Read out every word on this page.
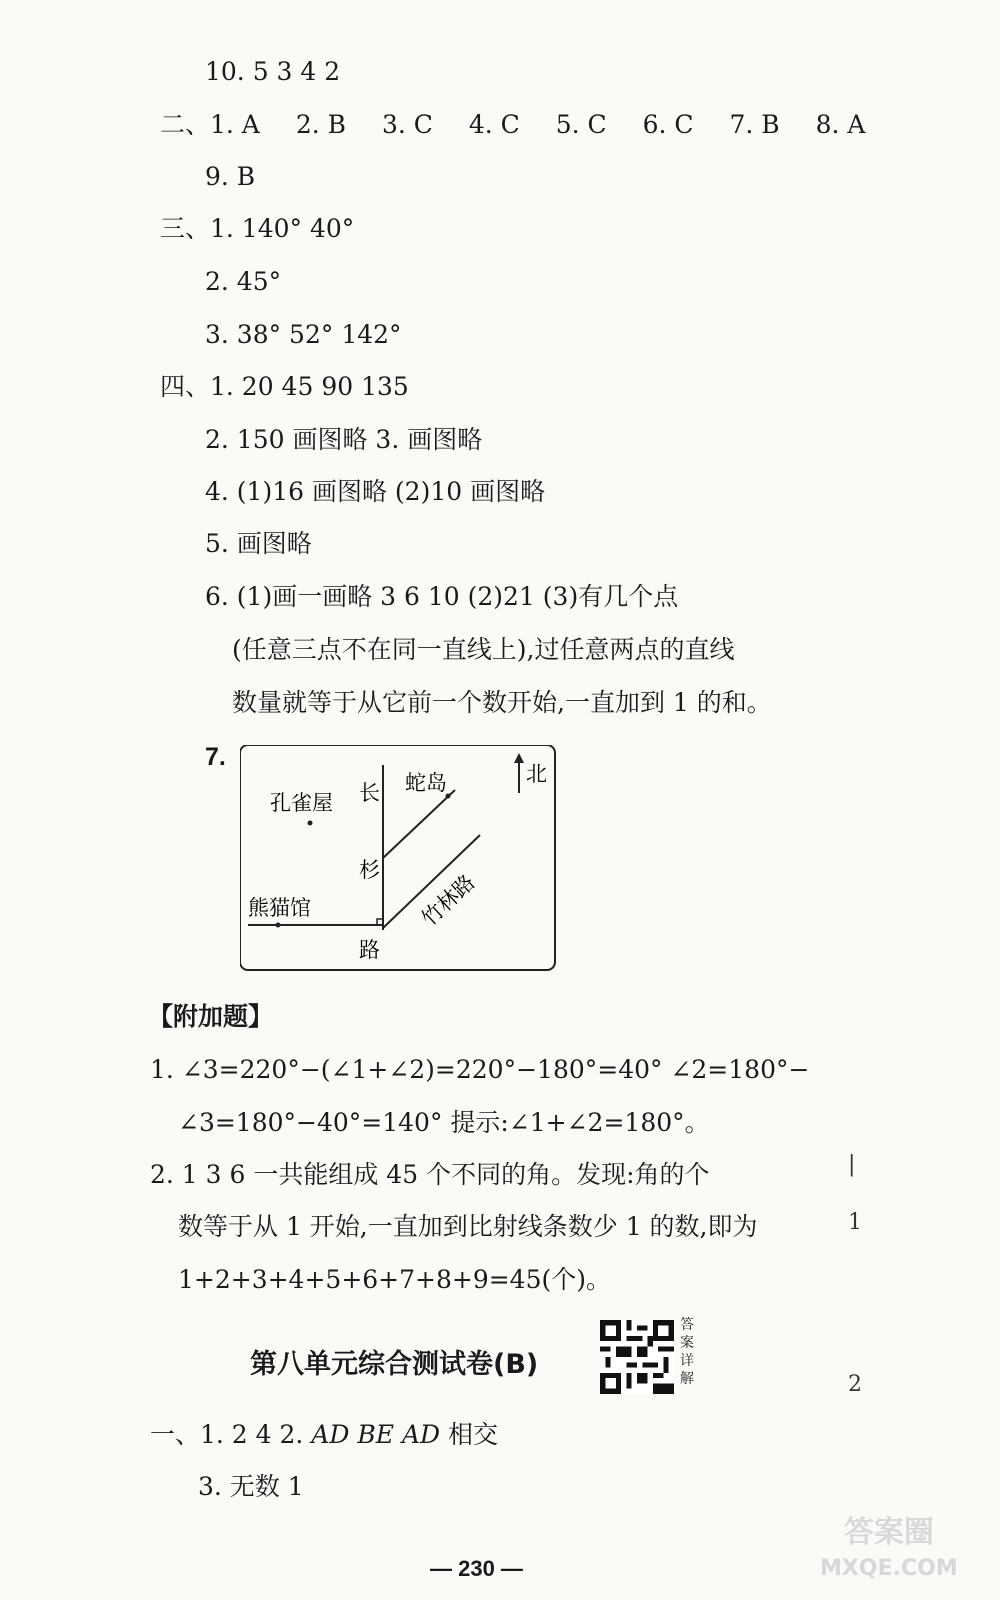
10. 5 3 4 2
二、1. A 2. B 3. C 4. C 5. C 6. C 7. B 8. A
9. B
三、1. 140° 40°
2. 45°
3. 38° 52° 142°
四、1. 20 45 90 135
2. 150 画图略 3. 画图略
4. (1)16 画图略 (2)10 画图略
5. 画图略
6. (1)画一画略 3 6 10 (2)21 (3)有几个点
(任意三点不在同一直线上),过任意两点的直线
数量就等于从它前一个数开始,一直加到 1 的和。
7.
孔雀屋
蛇岛
熊猫馆
长
杉
路
竹林路
北
【附加题】
1. ∠3=220°−(∠1+∠2)=220°−180°=40° ∠2=180°−
∠3=180°−40°=140° 提示:∠1+∠2=180°。
2. 1 3 6 一共能组成 45 个不同的角。发现:角的个
数等于从 1 开始,一直加到比射线条数少 1 的数,即为
1+2+3+4+5+6+7+8+9=45(个)。
第八单元综合测试卷(B)
答案详解
一、1. 2 4 2. AD BE AD 相交
3. 无数 1
— 230 —
|
1
2
答案圈
MXQE.COM
